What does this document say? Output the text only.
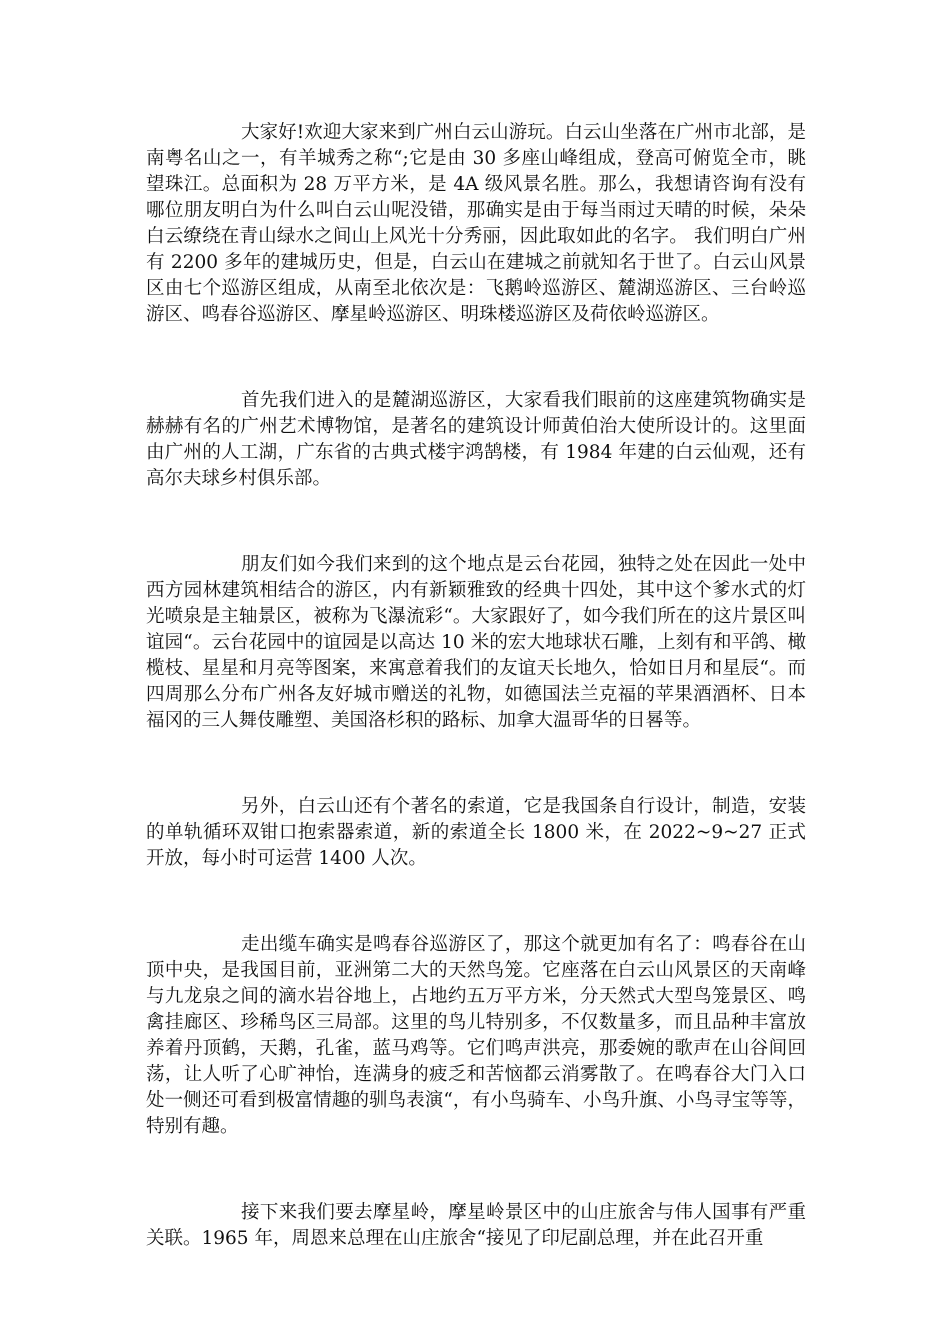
大家好!欢迎大家来到广州白云山游玩。白云山坐落在广州市北部，是南粤名山之一，有羊城秀之称“;它是由 30 多座山峰组成，登高可俯览全市，眺望珠江。总面积为 28 万平方米，是 4A 级风景名胜。那么，我想请咨询有没有哪位朋友明白为什么叫白云山呢没错，那确实是由于每当雨过天晴的时候，朵朵白云缭绕在青山绿水之间山上风光十分秀丽，因此取如此的名字。 我们明白广州有 2200 多年的建城历史，但是，白云山在建城之前就知名于世了。白云山风景区由七个巡游区组成，从南至北依次是：飞鹅岭巡游区、麓湖巡游区、三台岭巡游区、鸣春谷巡游区、摩星岭巡游区、明珠楼巡游区及荷依岭巡游区。

首先我们进入的是麓湖巡游区，大家看我们眼前的这座建筑物确实是赫赫有名的广州艺术博物馆，是著名的建筑设计师黄伯治大使所设计的。这里面由广州的人工湖，广东省的古典式楼宇鸿鹄楼，有 1984 年建的白云仙观，还有高尔夫球乡村俱乐部。

朋友们如今我们来到的这个地点是云台花园，独特之处在因此一处中西方园林建筑相结合的游区，内有新颖雅致的经典十四处，其中这个爹水式的灯光喷泉是主轴景区，被称为飞瀑流彩“。大家跟好了，如今我们所在的这片景区叫谊园“。云台花园中的谊园是以高达 10 米的宏大地球状石雕，上刻有和平鸽、橄榄枝、星星和月亮等图案，来寓意着我们的友谊天长地久，恰如日月和星辰“。而四周那么分布广州各友好城市赠送的礼物，如德国法兰克福的苹果酒酒杯、日本福冈的三人舞伎雕塑、美国洛杉积的路标、加拿大温哥华的日晷等。

另外，白云山还有个著名的索道，它是我国条自行设计，制造，安装的单轨循环双钳口抱索器索道，新的索道全长 1800 米，在 2022~9~27 正式开放，每小时可运营 1400 人次。

走出缆车确实是鸣春谷巡游区了，那这个就更加有名了：鸣春谷在山顶中央，是我国目前，亚洲第二大的天然鸟笼。它座落在白云山风景区的天南峰与九龙泉之间的滴水岩谷地上，占地约五万平方米，分天然式大型鸟笼景区、鸣禽挂廊区、珍稀鸟区三局部。这里的鸟儿特别多，不仅数量多，而且品种丰富放养着丹顶鹤，天鹅，孔雀，蓝马鸡等。它们鸣声洪亮，那委婉的歌声在山谷间回荡，让人听了心旷神怡，连满身的疲乏和苦恼都云消雾散了。在鸣春谷大门入口处一侧还可看到极富情趣的驯鸟表演“，有小鸟骑车、小鸟升旗、小鸟寻宝等等，特别有趣。

接下来我们要去摩星岭，摩星岭景区中的山庄旅舍与伟人国事有严重关联。1965 年，周恩来总理在山庄旅舍“接见了印尼副总理，并在此召开重
